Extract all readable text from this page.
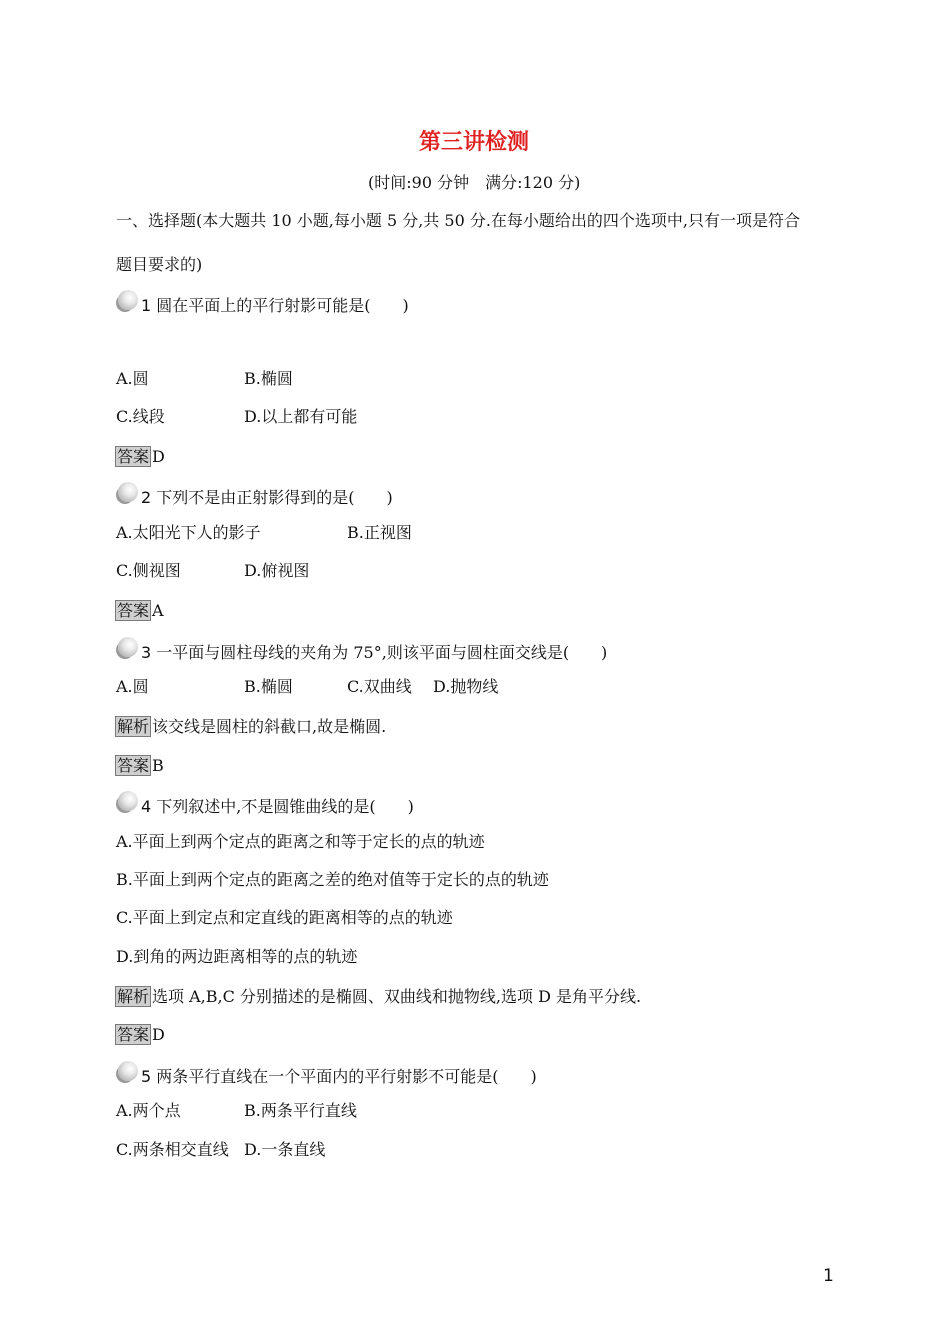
第三讲检测
(时间:90 分钟　满分:120 分)
一、选择题(本大题共 10 小题,每小题 5 分,共 50 分.在每小题给出的四个选项中,只有一项是符合
题目要求的)
1 圆在平面上的平行射影可能是(　　)
A.圆	B.椭圆
C.线段	D.以上都有可能
答案 D
2 下列不是由正射影得到的是(　　)
A.太阳光下人的影子	B.正视图
C.侧视图	D.俯视图
答案 A
3 一平面与圆柱母线的夹角为 75°,则该平面与圆柱面交线是(　　)
A.圆	B.椭圆	C.双曲线 D.抛物线
解析 该交线是圆柱的斜截口,故是椭圆.
答案 B
4 下列叙述中,不是圆锥曲线的是(　　)
A.平面上到两个定点的距离之和等于定长的点的轨迹
B.平面上到两个定点的距离之差的绝对值等于定长的点的轨迹
C.平面上到定点和定直线的距离相等的点的轨迹
D.到角的两边距离相等的点的轨迹
解析 选项 A,B,C 分别描述的是椭圆、双曲线和抛物线,选项 D 是角平分线.
答案 D
5 两条平行直线在一个平面内的平行射影不可能是(　　)
A.两个点	B.两条平行直线
C.两条相交直线 D.一条直线
1
